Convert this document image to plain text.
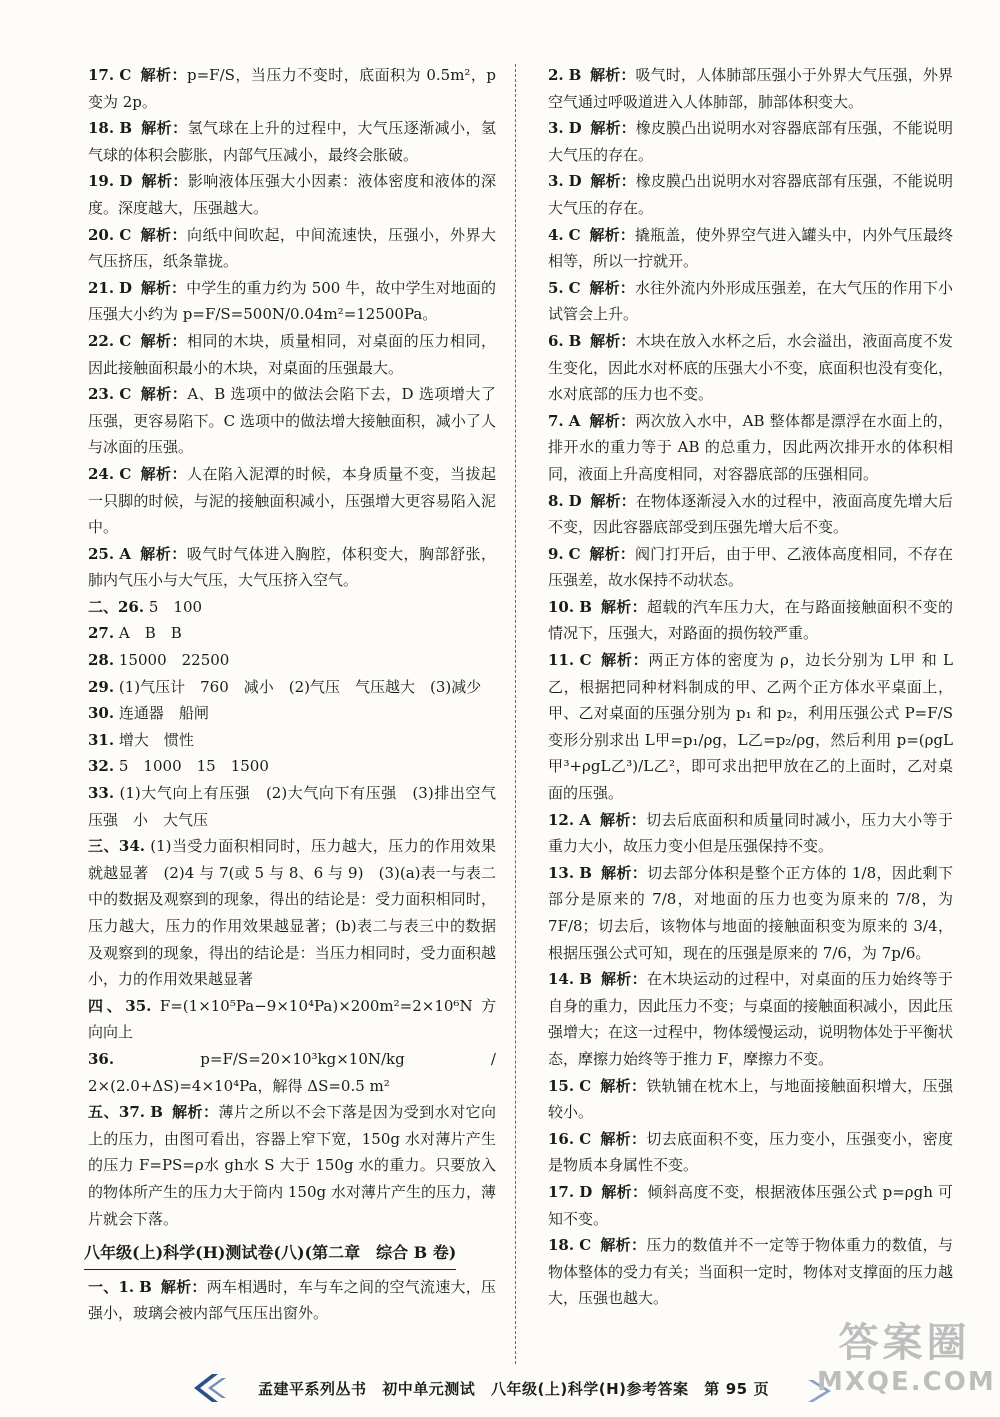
17. C 解析：p=F/S，当压力不变时，底面积为 0.5m²，p 变为 2p。

18. B 解析：氢气球在上升的过程中，大气压逐渐减小，氢气球的体积会膨胀，内部气压减小，最终会胀破。

19. D 解析：影响液体压强大小因素：液体密度和液体的深度。深度越大，压强越大。

20. C 解析：向纸中间吹起，中间流速快，压强小，外界大气压挤压，纸条靠拢。

21. D 解析：中学生的重力约为 500 牛，故中学生对地面的压强大小约为 p=F/S=500N/0.04m²=12500Pa。

22. C 解析：相同的木块，质量相同，对桌面的压力相同，因此接触面积最小的木块，对桌面的压强最大。

23. C 解析：A、B 选项中的做法会陷下去，D 选项增大了压强，更容易陷下。C 选项中的做法增大接触面积，减小了人与冰面的压强。

24. C 解析：人在陷入泥潭的时候，本身质量不变，当拔起一只脚的时候，与泥的接触面积减小，压强增大更容易陷入泥中。

25. A 解析：吸气时气体进入胸腔，体积变大，胸部舒张，肺内气压小与大气压，大气压挤入空气。

二、26. 5　100

27. A　B　B

28. 15000　22500

29. (1)气压计　760　减小　(2)气压　气压越大　(3)减少

30. 连通器　船闸

31. 增大　惯性

32. 5　1000　15　1500

33. (1)大气向上有压强　(2)大气向下有压强　(3)排出空气　压强　小　大气压

三、34. (1)当受力面积相同时，压力越大，压力的作用效果就越显著　(2)4 与 7(或 5 与 8、6 与 9)　(3)(a)表一与表二中的数据及观察到的现象，得出的结论是：受力面积相同时，压力越大，压力的作用效果越显著；(b)表二与表三中的数据及观察到的现象，得出的结论是：当压力相同时，受力面积越小，力的作用效果越显著

四、35. F=(1×10⁵Pa−9×10⁴Pa)×200m²=2×10⁶N 方向向上

36.	p=F/S=20×10³kg×10N/kg / 2×(2.0+ΔS)=4×10⁴Pa，解得 ΔS=0.5 m²

五、37. B 解析：薄片之所以不会下落是因为受到水对它向上的压力，由图可看出，容器上窄下宽，150g 水对薄片产生的压力 F=PS=ρ水 gh水 S 大于 150g 水的重力。只要放入的物体所产生的压力大于筒内 150g 水对薄片产生的压力，薄片就会下落。

八年级(上)科学(H)测试卷(八)(第二章　综合 B 卷)

一、1. B 解析：两车相遇时，车与车之间的空气流速大，压强小，玻璃会被内部气压压出窗外。

2. B 解析：吸气时，人体肺部压强小于外界大气压强，外界空气通过呼吸道进入人体肺部，肺部体积变大。

3. D 解析：橡皮膜凸出说明水对容器底部有压强，不能说明大气压的存在。

3. D 解析：橡皮膜凸出说明水对容器底部有压强，不能说明大气压的存在。

4. C 解析：撬瓶盖，使外界空气进入罐头中，内外气压最终相等，所以一拧就开。

5. C 解析：水往外流内外形成压强差，在大气压的作用下小试管会上升。

6. B 解析：木块在放入水杯之后，水会溢出，液面高度不发生变化，因此水对杯底的压强大小不变，底面积也没有变化，水对底部的压力也不变。

7. A 解析：两次放入水中，AB 整体都是漂浮在水面上的，排开水的重力等于 AB 的总重力，因此两次排开水的体积相同，液面上升高度相同，对容器底部的压强相同。

8. D 解析：在物体逐渐浸入水的过程中，液面高度先增大后不变，因此容器底部受到压强先增大后不变。

9. C 解析：阀门打开后，由于甲、乙液体高度相同，不存在压强差，故水保持不动状态。

10. B 解析：超载的汽车压力大，在与路面接触面积不变的情况下，压强大，对路面的损伤较严重。

11. C 解析：两正方体的密度为 ρ，边长分别为 L甲 和 L乙，根据把同种材料制成的甲、乙两个正方体水平桌面上，甲、乙对桌面的压强分别为 p₁ 和 p₂，利用压强公式 P=F/S 变形分别求出 L甲=p₁/ρg，L乙=p₂/ρg，然后利用 p=(ρgL甲³+ρgL乙³)/L乙²，即可求出把甲放在乙的上面时，乙对桌面的压强。

12. A 解析：切去后底面积和质量同时减小，压力大小等于重力大小，故压力变小但是压强保持不变。

13. B 解析：切去部分体积是整个正方体的 1/8，因此剩下部分是原来的 7/8，对地面的压力也变为原来的 7/8，为 7F/8；切去后，该物体与地面的接触面积变为原来的 3/4，根据压强公式可知，现在的压强是原来的 7/6，为 7p/6。

14. B 解析：在木块运动的过程中，对桌面的压力始终等于自身的重力，因此压力不变；与桌面的接触面积减小，因此压强增大；在这一过程中，物体缓慢运动，说明物体处于平衡状态，摩擦力始终等于推力 F，摩擦力不变。

15. C 解析：铁轨铺在枕木上，与地面接触面积增大，压强较小。

16. C 解析：切去底面积不变，压力变小，压强变小，密度是物质本身属性不变。

17. D 解析：倾斜高度不变，根据液体压强公式 p=ρgh 可知不变。

18. C 解析：压力的数值并不一定等于物体重力的数值，与物体整体的受力有关；当面积一定时，物体对支撑面的压力越大，压强也越大。

孟建平系列丛书 初中单元测试 八年级(上)科学(H)参考答案 第 95 页
答案圈
MXQE.COM
